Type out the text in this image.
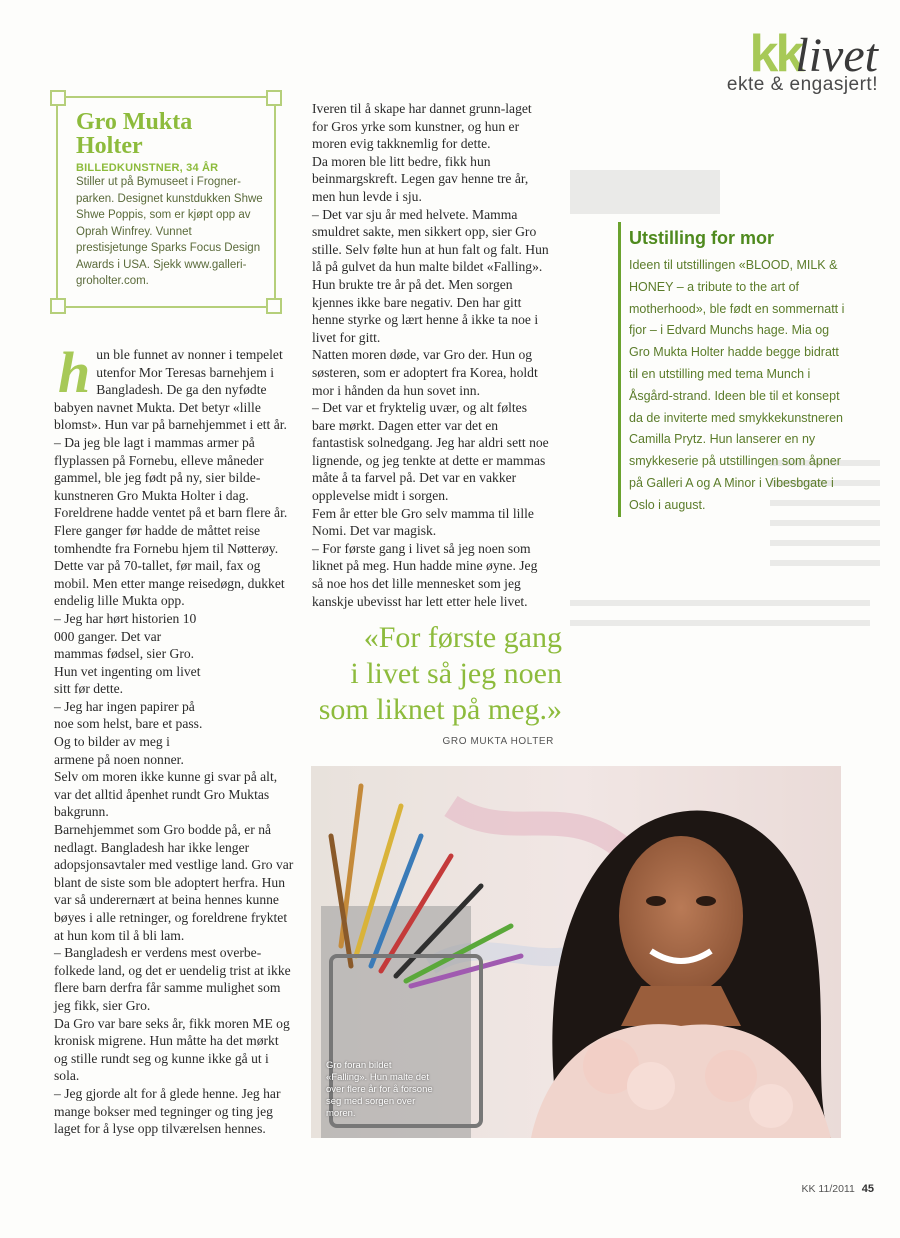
kklivet
ekte & engasjert!
Gro Mukta
Holter
BILLEDKUNSTNER, 34 ÅR
Stiller ut på Bymuseet i Frogner-parken. Designet kunstdukken Shwe Shwe Poppis, som er kjøpt opp av Oprah Winfrey. Vunnet prestisjetunge Sparks Focus Design Awards i USA. Sjekk www.galleri-groholter.com.

hun ble funnet av nonner i tempelet utenfor Mor Teresas barnehjem i Bangladesh. De ga den nyfødte babyen navnet Mukta. Det betyr «lille blomst». Hun var på barnehjemmet i ett år.

– Da jeg ble lagt i mammas armer på flyplassen på Fornebu, elleve måneder gammel, ble jeg født på ny, sier bilde-kunstneren Gro Mukta Holter i dag.

Foreldrene hadde ventet på et barn flere år. Flere ganger før hadde de måttet reise tomhendte fra Fornebu hjem til Nøtterøy. Dette var på 70-tallet, før mail, fax og mobil. Men etter mange reisedøgn, dukket endelig lille Mukta opp.

– Jeg har hørt historien 10 000 ganger. Det var mammas fødsel, sier Gro. Hun vet ingenting om livet sitt før dette.

– Jeg har ingen papirer på noe som helst, bare et pass. Og to bilder av meg i armene på noen nonner.

Selv om moren ikke kunne gi svar på alt, var det alltid åpenhet rundt Gro Muktas bakgrunn.

Barnehjemmet som Gro bodde på, er nå nedlagt. Bangladesh har ikke lenger adopsjonsavtaler med vestlige land. Gro var blant de siste som ble adoptert herfra. Hun var så underernært at beina hennes kunne bøyes i alle retninger, og foreldrene fryktet at hun kom til å bli lam.

– Bangladesh er verdens mest overbe-folkede land, og det er uendelig trist at ikke flere barn derfra får samme mulighet som jeg fikk, sier Gro.

Da Gro var bare seks år, fikk moren ME og kronisk migrene. Hun måtte ha det mørkt og stille rundt seg og kunne ikke gå ut i sola.

– Jeg gjorde alt for å glede henne. Jeg har mange bokser med tegninger og ting jeg laget for å lyse opp tilværelsen hennes.

Iveren til å skape har dannet grunn-laget for Gros yrke som kunstner, og hun er moren evig takknemlig for dette.

Da moren ble litt bedre, fikk hun beinmargskreft. Legen gav henne tre år, men hun levde i sju.

– Det var sju år med helvete. Mamma smuldret sakte, men sikkert opp, sier Gro stille. Selv følte hun at hun falt og falt. Hun lå på gulvet da hun malte bildet «Falling». Hun brukte tre år på det. Men sorgen kjennes ikke bare negativ. Den har gitt henne styrke og lært henne å ikke ta noe i livet for gitt.

Natten moren døde, var Gro der. Hun og søsteren, som er adoptert fra Korea, holdt mor i hånden da hun sovet inn.

– Det var et fryktelig uvær, og alt føltes bare mørkt. Dagen etter var det en fantastisk solnedgang. Jeg har aldri sett noe lignende, og jeg tenkte at dette er mammas måte å ta farvel på. Det var en vakker opplevelse midt i sorgen.

Fem år etter ble Gro selv mamma til lille Nomi. Det var magisk.

– For første gang i livet så jeg noen som liknet på meg. Hun hadde mine øyne. Jeg så noe hos det lille mennesket som jeg kanskje ubevisst har lett etter hele livet.

«For første gang
i livet så jeg noen
som liknet på meg.»
GRO MUKTA HOLTER
Utstilling for mor
Ideen til utstillingen «BLOOD, MILK & HONEY – a tribute to the art of motherhood», ble født en sommernatt i fjor – i Edvard Munchs hage. Mia og Gro Mukta Holter hadde begge bidratt til en utstilling med tema Munch i Åsgård-strand. Ideen ble til et konsept da de inviterte med smykkekunstneren Camilla Prytz. Hun lanserer en ny smykkeserie på utstillingen som åpner på Galleri A og A Minor i Vibesbgate i Oslo i august.
Gro foran bildet «Falling». Hun malte det over flere år for å forsone seg med sorgen over moren.
KK 11/2011 45
